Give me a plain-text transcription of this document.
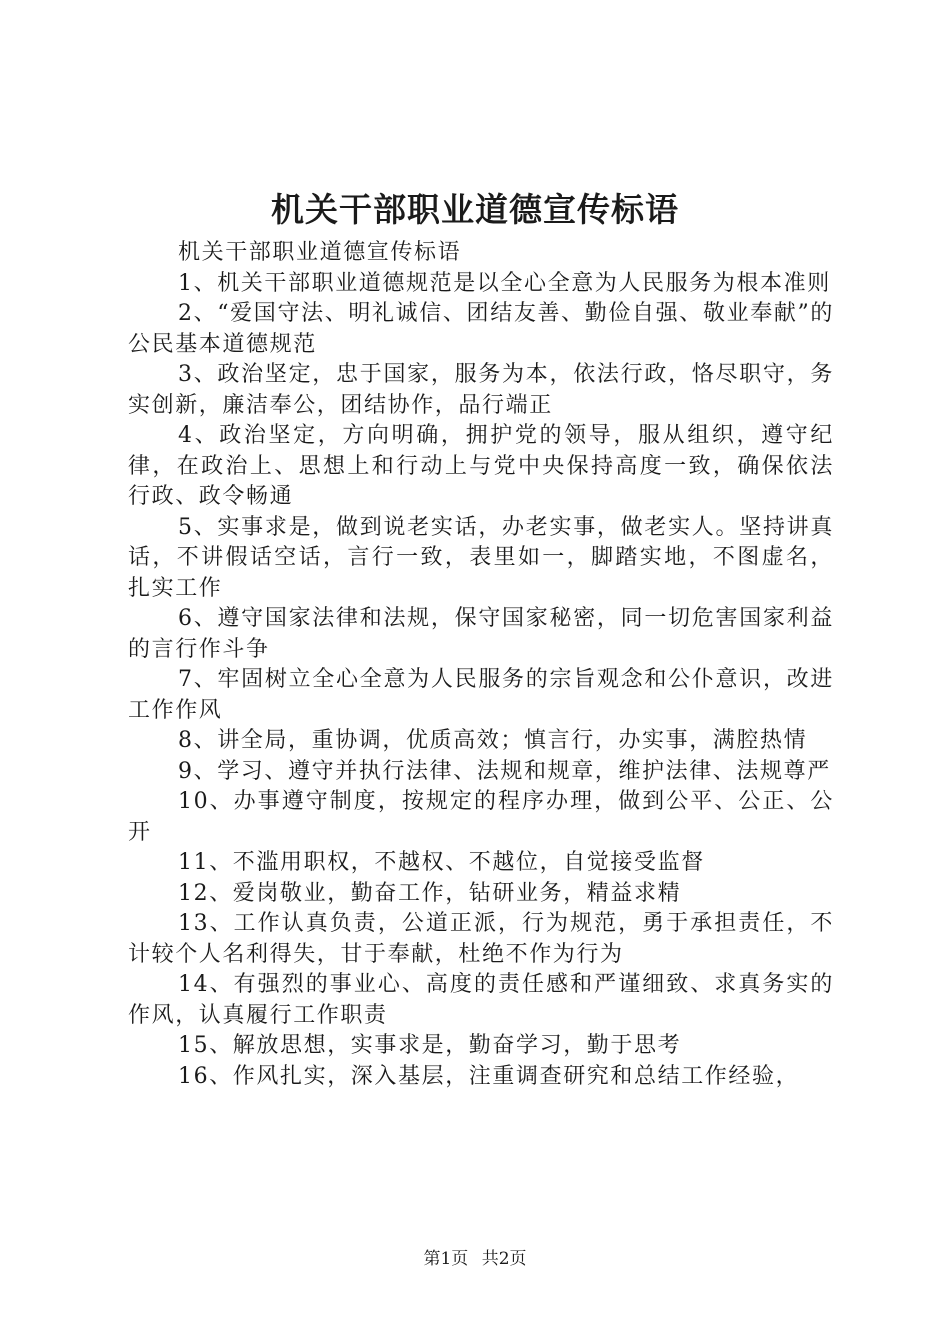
机关干部职业道德宣传标语

机关干部职业道德宣传标语

1、机关干部职业道德规范是以全心全意为人民服务为根本准则

2、“爱国守法、明礼诚信、团结友善、勤俭自强、敬业奉献”的公民基本道德规范

3、政治坚定，忠于国家，服务为本，依法行政，恪尽职守，务实创新，廉洁奉公，团结协作，品行端正

4、政治坚定，方向明确，拥护党的领导，服从组织，遵守纪律，在政治上、思想上和行动上与党中央保持高度一致，确保依法行政、政令畅通

5、实事求是，做到说老实话，办老实事，做老实人。坚持讲真话，不讲假话空话，言行一致，表里如一，脚踏实地，不图虚名，扎实工作

6、遵守国家法律和法规，保守国家秘密，同一切危害国家利益的言行作斗争

7、牢固树立全心全意为人民服务的宗旨观念和公仆意识，改进工作作风

8、讲全局，重协调，优质高效；慎言行，办实事，满腔热情

9、学习、遵守并执行法律、法规和规章，维护法律、法规尊严

10、办事遵守制度，按规定的程序办理，做到公平、公正、公开

11、不滥用职权，不越权、不越位，自觉接受监督

12、爱岗敬业，勤奋工作，钻研业务，精益求精

13、工作认真负责，公道正派，行为规范，勇于承担责任，不计较个人名利得失，甘于奉献，杜绝不作为行为

14、有强烈的事业心、高度的责任感和严谨细致、求真务实的作风，认真履行工作职责

15、解放思想，实事求是，勤奋学习，勤于思考

16、作风扎实，深入基层，注重调查研究和总结工作经验，

第1页 共2页
